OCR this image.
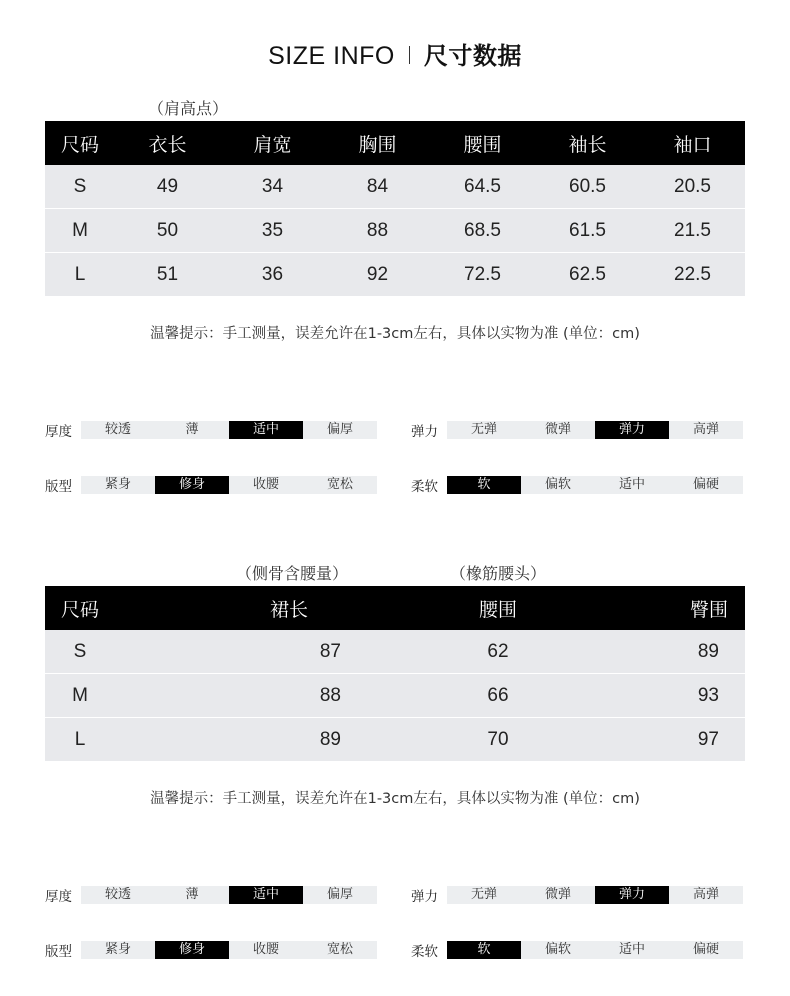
SIZE INFO 尺寸数据
（肩高点）
尺码	衣长	肩宽	胸围	腰围	袖长	袖口
S	49	34	84	64.5	60.5	20.5
M	50	35	88	68.5	61.5	21.5
L	51	36	92	72.5	62.5	22.5
温馨提示：手工测量，误差允许在1-3cm左右，具体以实物为准 (单位：cm)
厚度	较透	薄	适中	偏厚	弹力	无弹	微弹	弹力	高弹
版型	紧身	修身	收腰	宽松	柔软	软	偏软	适中	偏硬
（侧骨含腰量）	（橡筋腰头）
尺码	裙长	腰围	臀围
S	87	62	89
M	88	66	93
L	89	70	97
温馨提示：手工测量，误差允许在1-3cm左右，具体以实物为准 (单位：cm)
厚度	较透	薄	适中	偏厚	弹力	无弹	微弹	弹力	高弹
版型	紧身	修身	收腰	宽松	柔软	软	偏软	适中	偏硬
